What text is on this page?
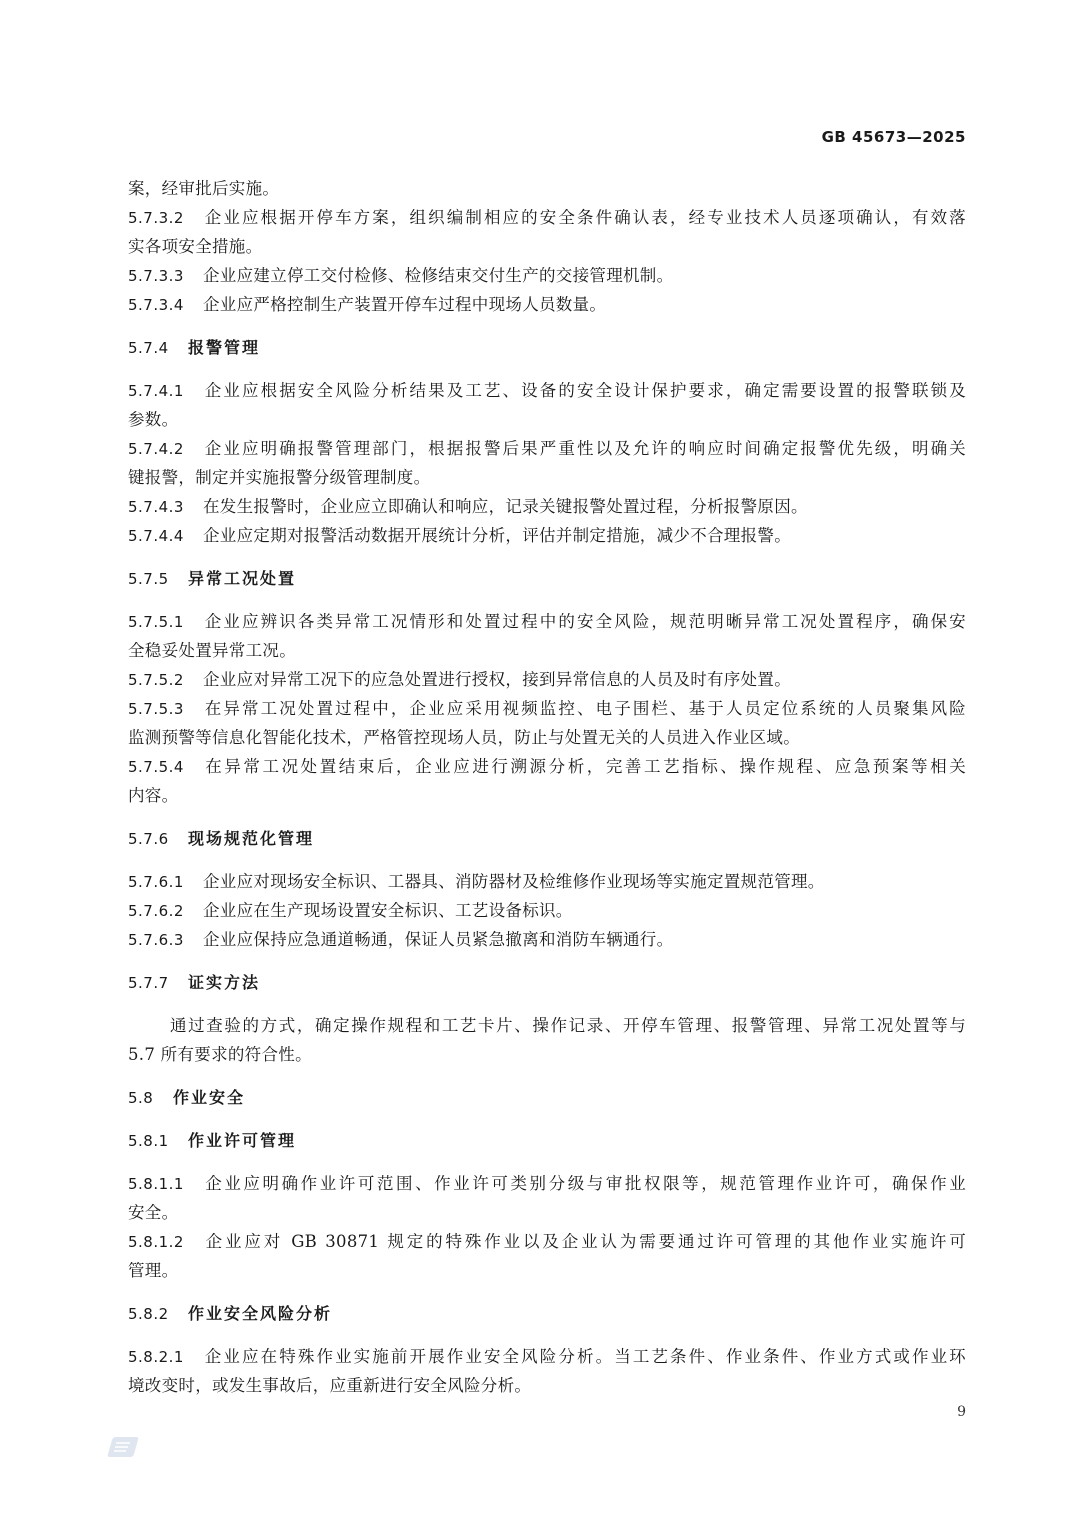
GB 45673—2025
案，经审批后实施。
5.7.3.2 企业应根据开停车方案，组织编制相应的安全条件确认表，经专业技术人员逐项确认，有效落
实各项安全措施。
5.7.3.3 企业应建立停工交付检修、检修结束交付生产的交接管理机制。
5.7.3.4 企业应严格控制生产装置开停车过程中现场人员数量。
5.7.4 报警管理
5.7.4.1 企业应根据安全风险分析结果及工艺、设备的安全设计保护要求，确定需要设置的报警联锁及
参数。
5.7.4.2 企业应明确报警管理部门，根据报警后果严重性以及允许的响应时间确定报警优先级，明确关
键报警，制定并实施报警分级管理制度。
5.7.4.3 在发生报警时，企业应立即确认和响应，记录关键报警处置过程，分析报警原因。
5.7.4.4 企业应定期对报警活动数据开展统计分析，评估并制定措施，减少不合理报警。
5.7.5 异常工况处置
5.7.5.1 企业应辨识各类异常工况情形和处置过程中的安全风险，规范明晰异常工况处置程序，确保安
全稳妥处置异常工况。
5.7.5.2 企业应对异常工况下的应急处置进行授权，接到异常信息的人员及时有序处置。
5.7.5.3 在异常工况处置过程中，企业应采用视频监控、电子围栏、基于人员定位系统的人员聚集风险
监测预警等信息化智能化技术，严格管控现场人员，防止与处置无关的人员进入作业区域。
5.7.5.4 在异常工况处置结束后，企业应进行溯源分析，完善工艺指标、操作规程、应急预案等相关
内容。
5.7.6 现场规范化管理
5.7.6.1 企业应对现场安全标识、工器具、消防器材及检维修作业现场等实施定置规范管理。
5.7.6.2 企业应在生产现场设置安全标识、工艺设备标识。
5.7.6.3 企业应保持应急通道畅通，保证人员紧急撤离和消防车辆通行。
5.7.7 证实方法
通过查验的方式，确定操作规程和工艺卡片、操作记录、开停车管理、报警管理、异常工况处置等与
5.7 所有要求的符合性。
5.8 作业安全
5.8.1 作业许可管理
5.8.1.1 企业应明确作业许可范围、作业许可类别分级与审批权限等，规范管理作业许可，确保作业
安全。
5.8.1.2 企业应对 GB 30871 规定的特殊作业以及企业认为需要通过许可管理的其他作业实施许可
管理。
5.8.2 作业安全风险分析
5.8.2.1 企业应在特殊作业实施前开展作业安全风险分析。当工艺条件、作业条件、作业方式或作业环
境改变时，或发生事故后，应重新进行安全风险分析。
9
